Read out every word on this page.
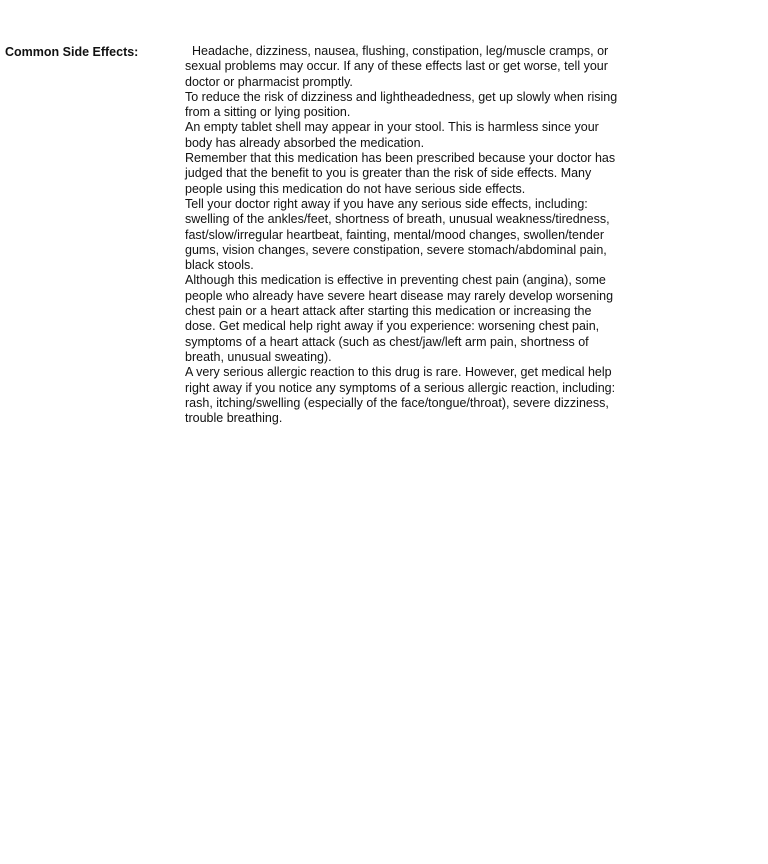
Common Side Effects:	Headache, dizziness, nausea, flushing, constipation, leg/muscle cramps, or sexual problems may occur. If any of these effects last or get worse, tell your doctor or pharmacist promptly.

To reduce the risk of dizziness and lightheadedness, get up slowly when rising from a sitting or lying position.

An empty tablet shell may appear in your stool. This is harmless since your body has already absorbed the medication.

Remember that this medication has been prescribed because your doctor has judged that the benefit to you is greater than the risk of side effects. Many people using this medication do not have serious side effects.

Tell your doctor right away if you have any serious side effects, including: swelling of the ankles/feet, shortness of breath, unusual weakness/tiredness, fast/slow/irregular heartbeat, fainting, mental/mood changes, swollen/tender gums, vision changes, severe constipation, severe stomach/abdominal pain, black stools.

Although this medication is effective in preventing chest pain (angina), some people who already have severe heart disease may rarely develop worsening chest pain or a heart attack after starting this medication or increasing the dose. Get medical help right away if you experience: worsening chest pain, symptoms of a heart attack (such as chest/jaw/left arm pain, shortness of breath, unusual sweating).

A very serious allergic reaction to this drug is rare. However, get medical help right away if you notice any symptoms of a serious allergic reaction, including: rash, itching/swelling (especially of the face/tongue/throat), severe dizziness, trouble breathing.
